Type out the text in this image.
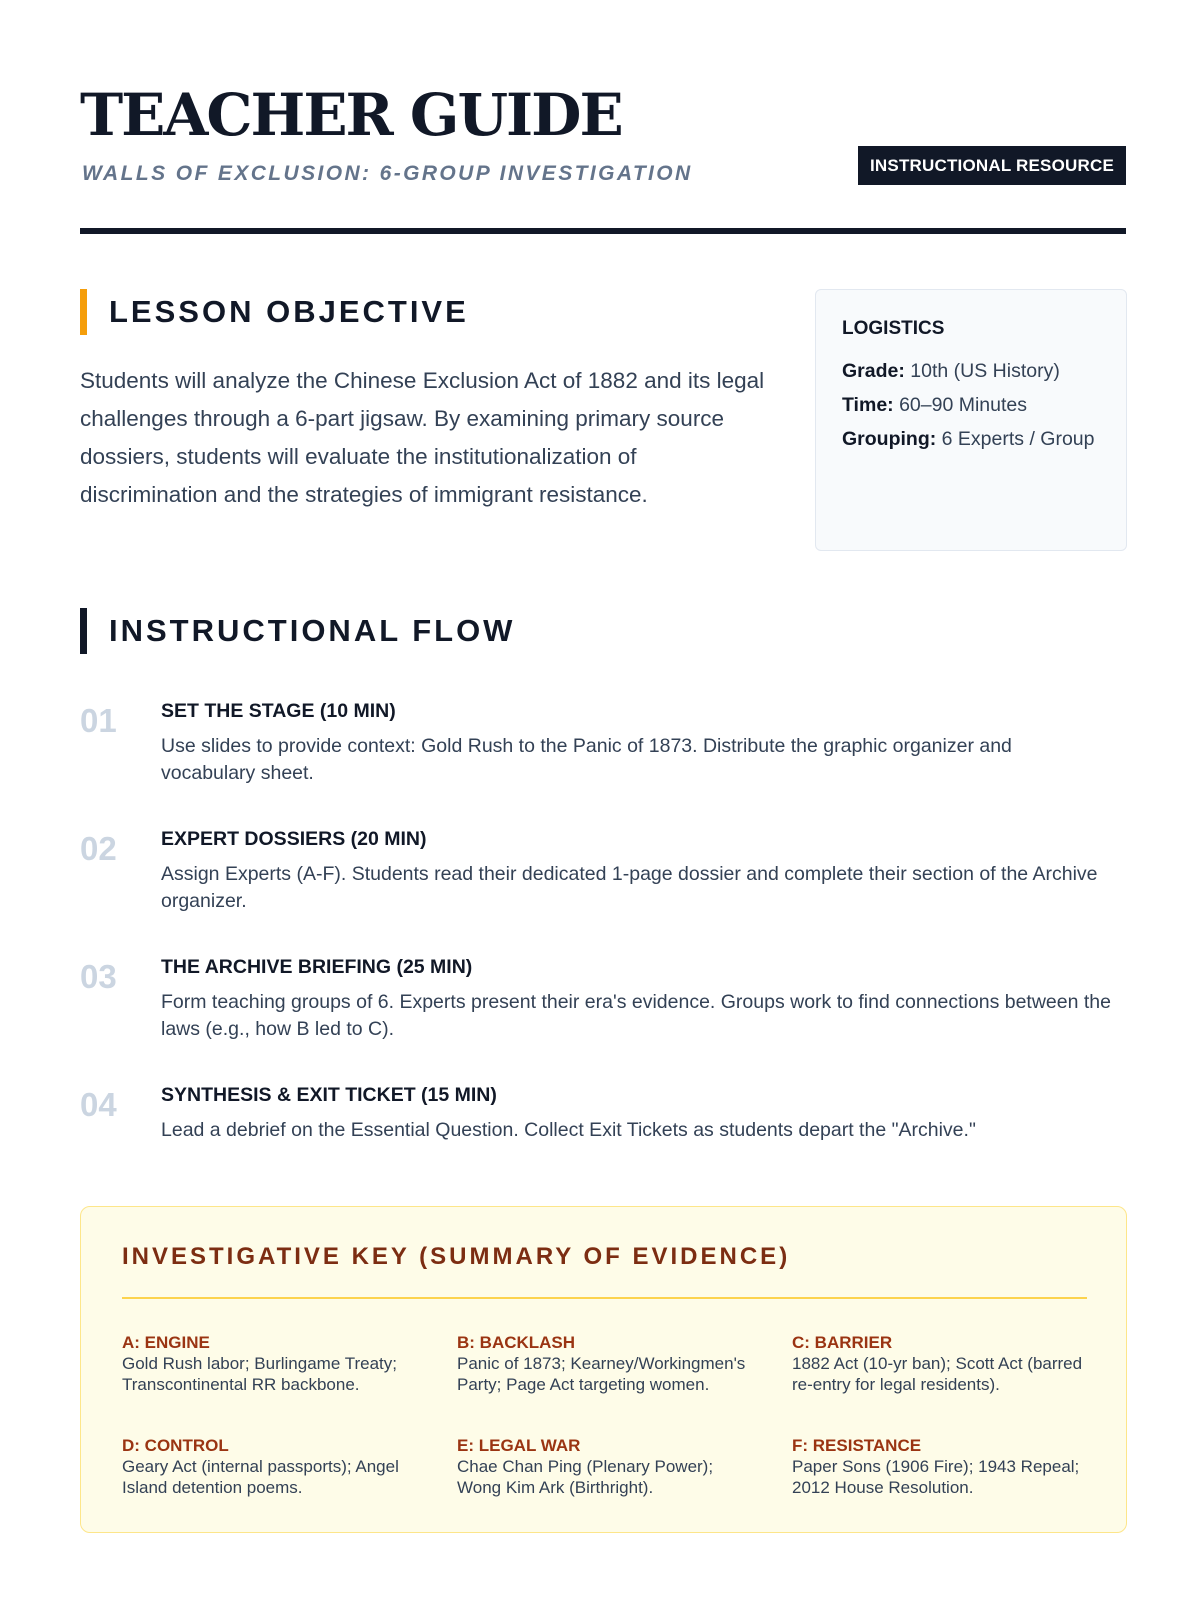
TEACHER GUIDE
WALLS OF EXCLUSION: 6-GROUP INVESTIGATION	INSTRUCTIONAL RESOURCE
LESSON OBJECTIVE

Students will analyze the Chinese Exclusion Act of 1882 and its legal challenges through a 6-part jigsaw. By examining primary source dossiers, students will evaluate the institutionalization of discrimination and the strategies of immigrant resistance.

LOGISTICS
Grade: 10th (US History)
Time: 60–90 Minutes
Grouping: 6 Experts / Group
INSTRUCTIONAL FLOW
01 SET THE STAGE (10 MIN)
Use slides to provide context: Gold Rush to the Panic of 1873. Distribute the graphic organizer and vocabulary sheet.
02 EXPERT DOSSIERS (20 MIN)
Assign Experts (A-F). Students read their dedicated 1-page dossier and complete their section of the Archive organizer.
03 THE ARCHIVE BRIEFING (25 MIN)
Form teaching groups of 6. Experts present their era's evidence. Groups work to find connections between the laws (e.g., how B led to C).
04 SYNTHESIS & EXIT TICKET (15 MIN)
Lead a debrief on the Essential Question. Collect Exit Tickets as students depart the "Archive."
INVESTIGATIVE KEY (SUMMARY OF EVIDENCE)
A: ENGINE
Gold Rush labor; Burlingame Treaty; Transcontinental RR backbone.
B: BACKLASH
Panic of 1873; Kearney/Workingmen's Party; Page Act targeting women.
C: BARRIER
1882 Act (10-yr ban); Scott Act (barred re-entry for legal residents).
D: CONTROL
Geary Act (internal passports); Angel Island detention poems.
E: LEGAL WAR
Chae Chan Ping (Plenary Power); Wong Kim Ark (Birthright).
F: RESISTANCE
Paper Sons (1906 Fire); 1943 Repeal; 2012 House Resolution.
